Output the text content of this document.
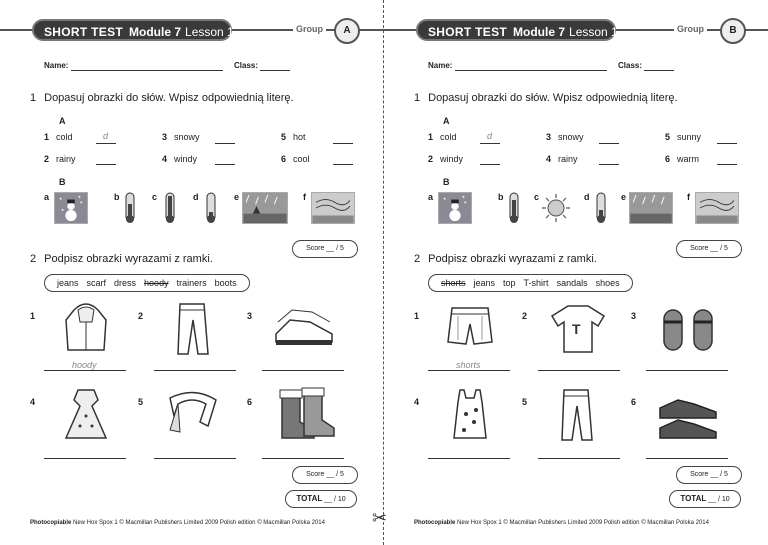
SHORT TEST Module 7 Lesson 1	Group	A
Name:	Class:
1 Dopasuj obrazki do słów. Wpisz odpowiednią literę.
A
1 cold	d
2 rainy
3 snowy
4 windy
5 hot
6 cool
B
a	b	c	d	e	f
Score __ / 5
2 Podpisz obrazki wyrazami z ramki.
jeans scarf dress hoody trainers boots
1
hoody
2	3
4	5	6
Score __ / 5
TOTAL __ / 10
Photocopiable New Hox Spox 1 © Macmillan Publishers Limited 2009 Polish edition © Macmillan Polska 2014	✂
SHORT TEST Module 7 Lesson 1	Group	B
Name:	Class:
1 Dopasuj obrazki do słów. Wpisz odpowiednią literę.
A
1 cold	d
2 windy
3 snowy
4 rainy
5 sunny
6 warm
B
a	b	c	d	e	f
Score __ / 5
2 Podpisz obrazki wyrazami z ramki.
shorts jeans top T-shirt sandals shoes
1
shorts
2
T
3
4	5	6
Score __ / 5
TOTAL __ / 10
Photocopiable New Hox Spox 1 © Macmillan Publishers Limited 2009 Polish edition © Macmillan Polska 2014
